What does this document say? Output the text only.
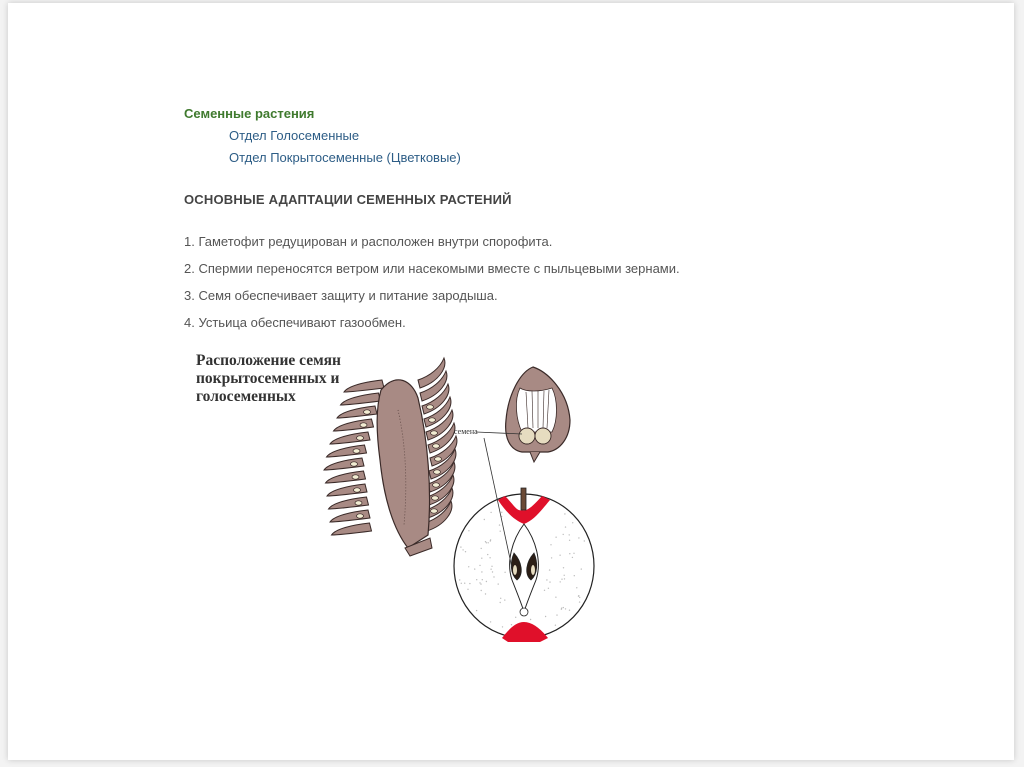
Семенные растения
Отдел Голосеменные
Отдел Покрытосеменные (Цветковые)
ОСНОВНЫЕ АДАПТАЦИИ СЕМЕННЫХ РАСТЕНИЙ
1. Гаметофит редуцирован и расположен внутри спорофита.
2. Спермии переносятся ветром или насекомыми вместе с пыльцевыми зернами.
3. Семя обеспечивает защиту и питание зародыша.
4. Устьица обеспечивают газообмен.
Расположение семян
покрытосеменных и
голосеменных
семена
